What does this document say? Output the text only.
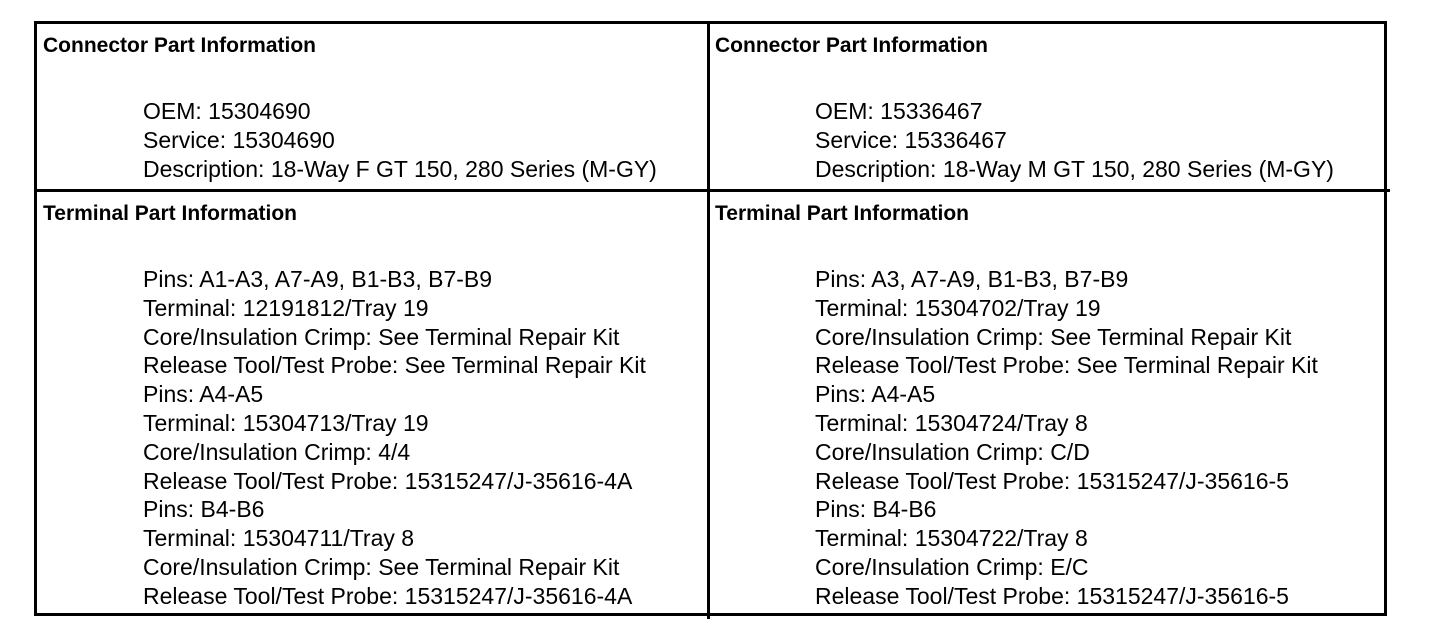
Connector Part Information
OEM: 15304690
Service: 15304690
Description: 18-Way F GT 150, 280 Series (M-GY)
Connector Part Information
OEM: 15336467
Service: 15336467
Description: 18-Way M GT 150, 280 Series (M-GY)
Terminal Part Information
Pins: A1-A3, A7-A9, B1-B3, B7-B9
Terminal: 12191812/Tray 19
Core/Insulation Crimp: See Terminal Repair Kit
Release Tool/Test Probe: See Terminal Repair Kit
Pins: A4-A5
Terminal: 15304713/Tray 19
Core/Insulation Crimp: 4/4
Release Tool/Test Probe: 15315247/J-35616-4A
Pins: B4-B6
Terminal: 15304711/Tray 8
Core/Insulation Crimp: See Terminal Repair Kit
Release Tool/Test Probe: 15315247/J-35616-4A
Terminal Part Information
Pins: A3, A7-A9, B1-B3, B7-B9
Terminal: 15304702/Tray 19
Core/Insulation Crimp: See Terminal Repair Kit
Release Tool/Test Probe: See Terminal Repair Kit
Pins: A4-A5
Terminal: 15304724/Tray 8
Core/Insulation Crimp: C/D
Release Tool/Test Probe: 15315247/J-35616-5
Pins: B4-B6
Terminal: 15304722/Tray 8
Core/Insulation Crimp: E/C
Release Tool/Test Probe: 15315247/J-35616-5
